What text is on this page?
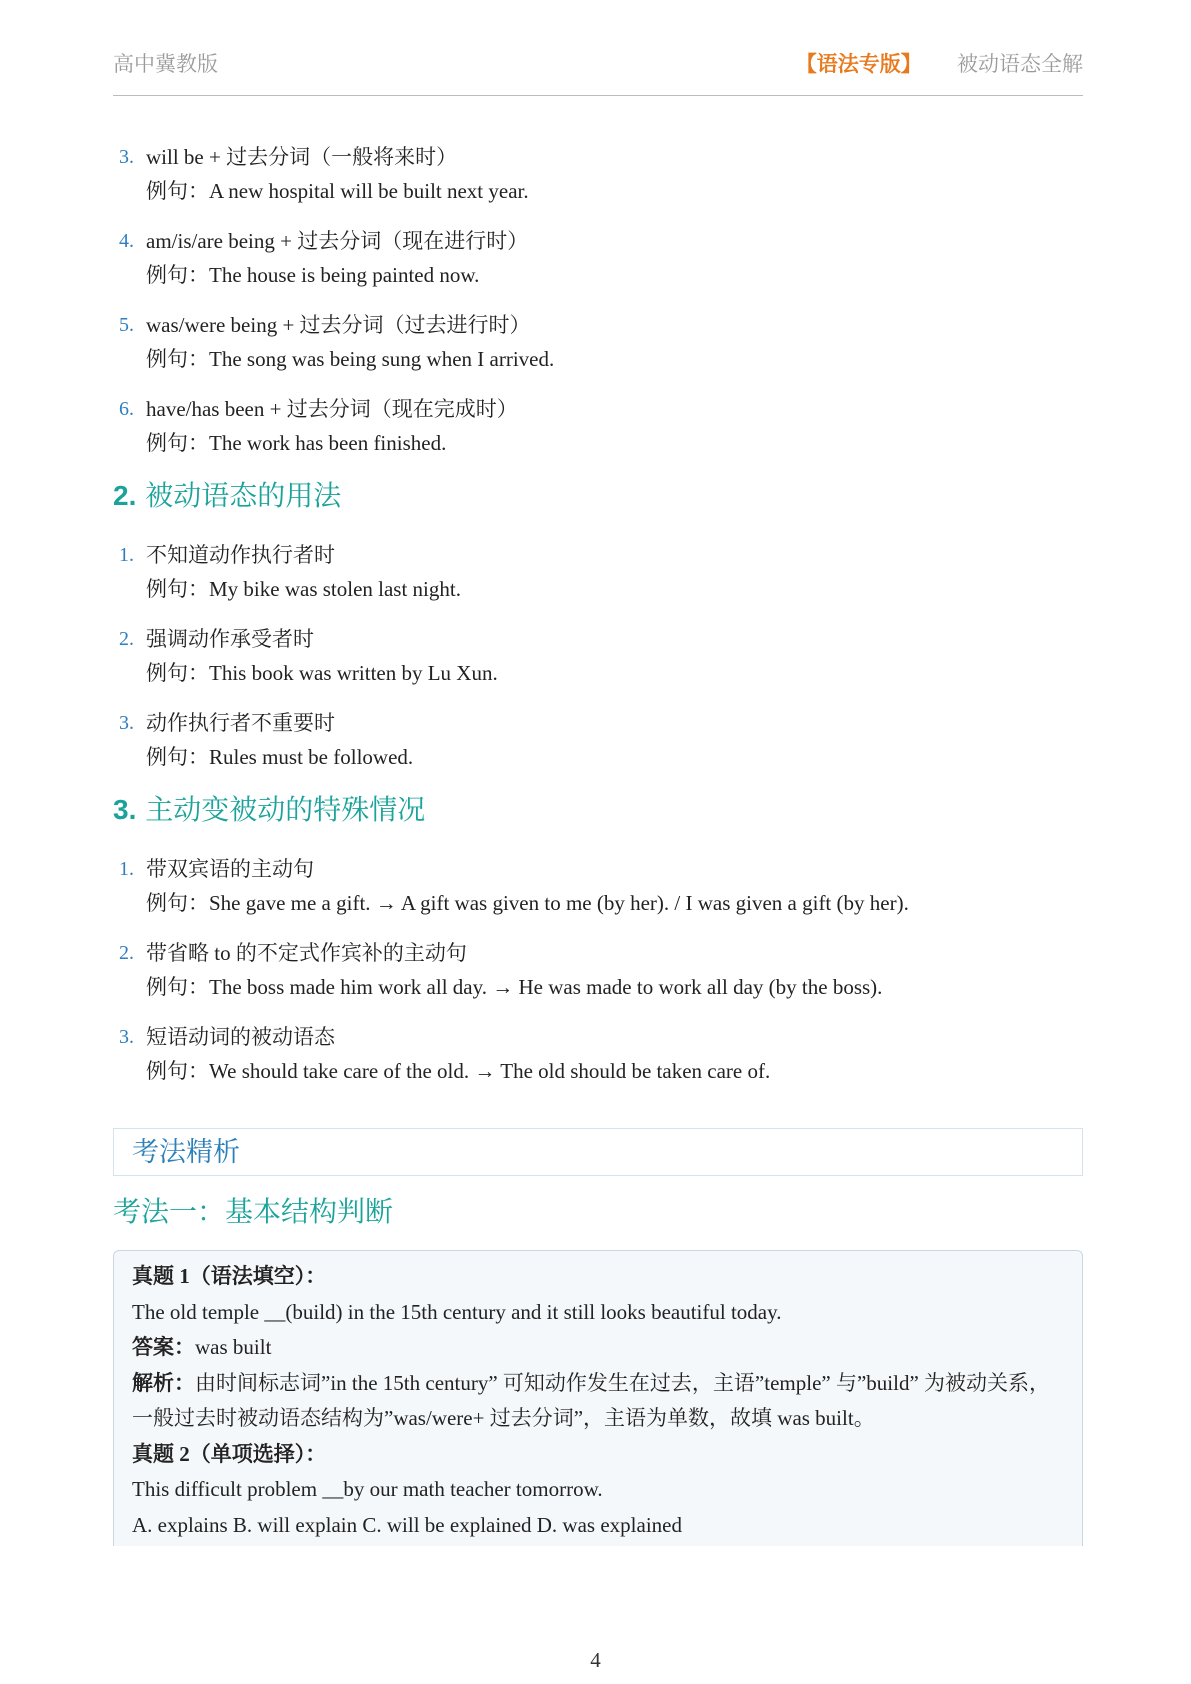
高中冀教版	【语法专版】 被动语态全解
3. will be + 过去分词（一般将来时）
例句：A new hospital will be built next year.
4. am/is/are being + 过去分词（现在进行时）
例句：The house is being painted now.
5. was/were being + 过去分词（过去进行时）
例句：The song was being sung when I arrived.
6. have/has been + 过去分词（现在完成时）
例句：The work has been finished.
2. 被动语态的用法
1. 不知道动作执行者时
例句：My bike was stolen last night.
2. 强调动作承受者时
例句：This book was written by Lu Xun.
3. 动作执行者不重要时
例句：Rules must be followed.
3. 主动变被动的特殊情况
1. 带双宾语的主动句
例句：She gave me a gift. → A gift was given to me (by her). / I was given a gift (by her).
2. 带省略 to 的不定式作宾补的主动句
例句：The boss made him work all day. → He was made to work all day (by the boss).
3. 短语动词的被动语态
例句：We should take care of the old. → The old should be taken care of.
考法精析
考法一：基本结构判断
真题 1（语法填空）：
The old temple __(build) in the 15th century and it still looks beautiful today.
答案：was built
解析：由时间标志词”in the 15th century” 可知动作发生在过去，主语”temple” 与”build” 为被动关系，
一般过去时被动语态结构为”was/were+ 过去分词”，主语为单数，故填 was built。
真题 2（单项选择）：
This difficult problem __by our math teacher tomorrow.
A. explains B. will explain C. will be explained D. was explained
4
